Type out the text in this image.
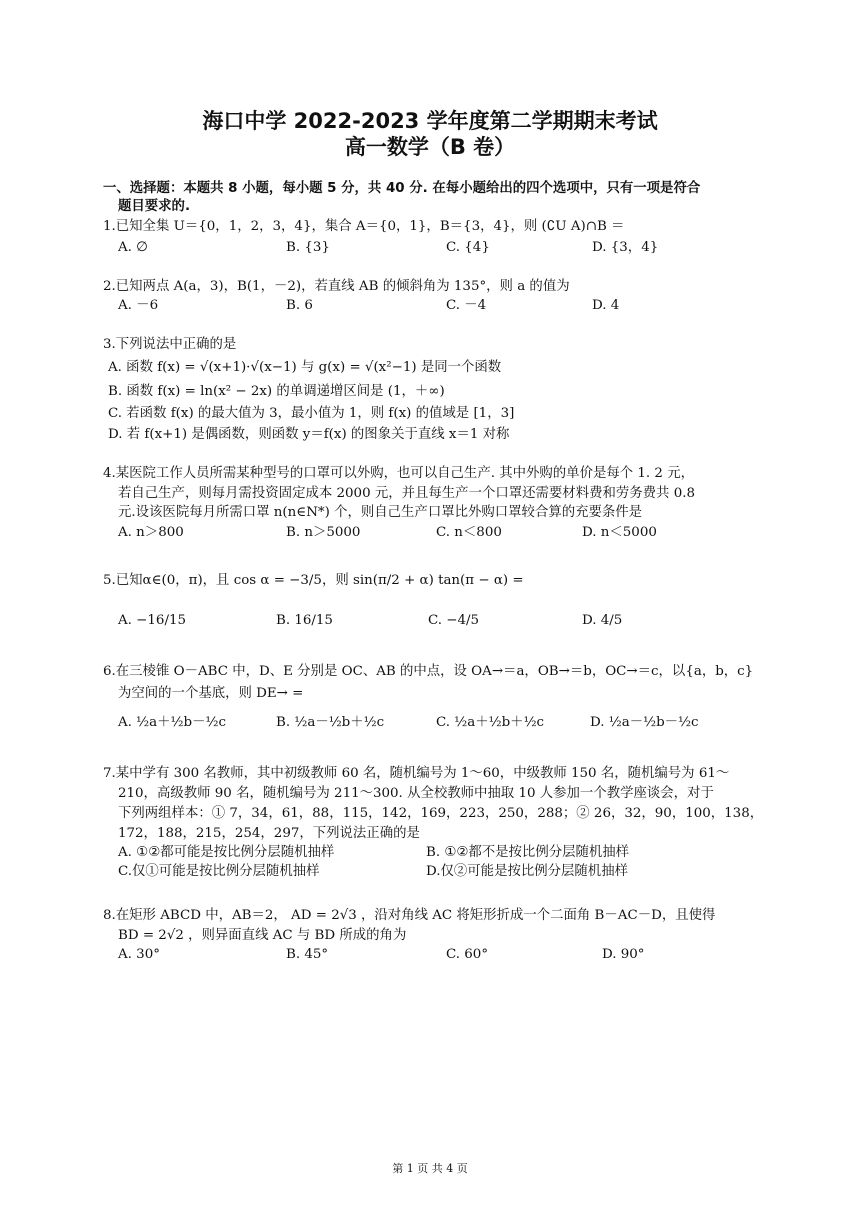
海口中学 2022-2023 学年度第二学期期末考试
高一数学（B 卷）
一、选择题：本题共 8 小题，每小题 5 分，共 40 分. 在每小题给出的四个选项中，只有一项是符合
题目要求的.
1.已知全集 U＝{0，1，2，3，4}，集合 A＝{0，1}，B＝{3，4}，则 (∁U A)∩B ＝
A. ∅	B. {3}	C. {4}	D. {3，4}
2.已知两点 A(a，3)，B(1，－2)，若直线 AB 的倾斜角为 135°，则 a 的值为
A. －6	B. 6	C. －4	D. 4
3.下列说法中正确的是
A. 函数 f(x) = √(x+1)·√(x−1) 与 g(x) = √(x²−1) 是同一个函数
B. 函数 f(x) = ln(x² − 2x) 的单调递增区间是 (1，＋∞)
C. 若函数 f(x) 的最大值为 3，最小值为 1，则 f(x) 的值域是 [1，3]
D. 若 f(x+1) 是偶函数，则函数 y＝f(x) 的图象关于直线 x＝1 对称
4.某医院工作人员所需某种型号的口罩可以外购，也可以自己生产. 其中外购的单价是每个 1. 2 元，
若自己生产，则每月需投资固定成本 2000 元，并且每生产一个口罩还需要材料费和劳务费共 0.8
元.设该医院每月所需口罩 n(n∈N*) 个，则自己生产口罩比外购口罩较合算的充要条件是
A. n＞800	B. n＞5000	C. n＜800	D. n＜5000
5.已知α∈(0，π)，且 cos α = −3/5，则 sin(π/2 + α) tan(π − α) =
A. −16/15	B. 16/15	C. −4/5	D. 4/5
6.在三棱锥 O－ABC 中，D、E 分别是 OC、AB 的中点，设 OA→＝a，OB→＝b，OC→＝c，以{a，b，c}
为空间的一个基底，则 DE→ =
A. ½a＋½b－½c	B. ½a－½b＋½c	C. ½a＋½b＋½c	D. ½a－½b－½c
7.某中学有 300 名教师，其中初级教师 60 名，随机编号为 1～60，中级教师 150 名，随机编号为 61～
210，高级教师 90 名，随机编号为 211～300. 从全校教师中抽取 10 人参加一个教学座谈会，对于
下列两组样本：① 7，34，61，88，115，142，169，223，250，288；② 26，32，90，100，138，
172，188，215，254，297，下列说法正确的是
A. ①②都可能是按比例分层随机抽样	B. ①②都不是按比例分层随机抽样
C.仅①可能是按比例分层随机抽样	D.仅②可能是按比例分层随机抽样
8.在矩形 ABCD 中，AB＝2， AD = 2√3 ，沿对角线 AC 将矩形折成一个二面角 B－AC－D，且使得
BD = 2√2 ，则异面直线 AC 与 BD 所成的角为
A. 30°	B. 45°	C. 60°	D. 90°
第 1 页 共 4 页
